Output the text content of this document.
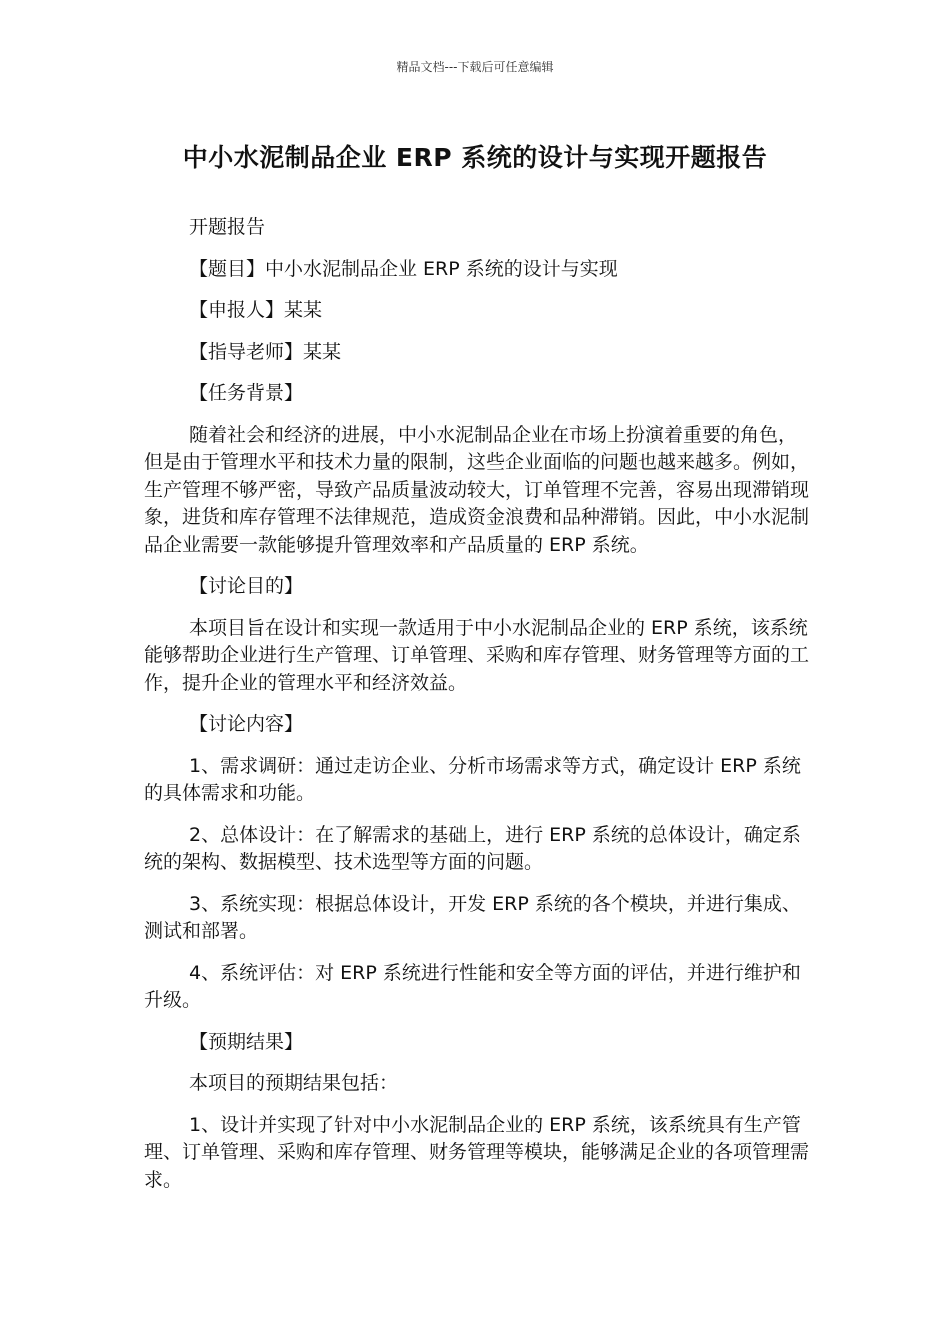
精品文档---下载后可任意编辑
中小水泥制品企业 ERP 系统的设计与实现开题报告

开题报告

【题目】中小水泥制品企业 ERP 系统的设计与实现

【申报人】某某

【指导老师】某某

【任务背景】

随着社会和经济的进展，中小水泥制品企业在市场上扮演着重要的角色，但是由于管理水平和技术力量的限制，这些企业面临的问题也越来越多。例如，生产管理不够严密，导致产品质量波动较大，订单管理不完善，容易出现滞销现象，进货和库存管理不法律规范，造成资金浪费和品种滞销。因此，中小水泥制品企业需要一款能够提升管理效率和产品质量的 ERP 系统。

【讨论目的】

本项目旨在设计和实现一款适用于中小水泥制品企业的 ERP 系统，该系统能够帮助企业进行生产管理、订单管理、采购和库存管理、财务管理等方面的工作，提升企业的管理水平和经济效益。

【讨论内容】

1、需求调研：通过走访企业、分析市场需求等方式，确定设计 ERP 系统的具体需求和功能。

2、总体设计：在了解需求的基础上，进行 ERP 系统的总体设计，确定系统的架构、数据模型、技术选型等方面的问题。

3、系统实现：根据总体设计，开发 ERP 系统的各个模块，并进行集成、测试和部署。

4、系统评估：对 ERP 系统进行性能和安全等方面的评估，并进行维护和升级。

【预期结果】

本项目的预期结果包括：

1、设计并实现了针对中小水泥制品企业的 ERP 系统，该系统具有生产管理、订单管理、采购和库存管理、财务管理等模块，能够满足企业的各项管理需求。
